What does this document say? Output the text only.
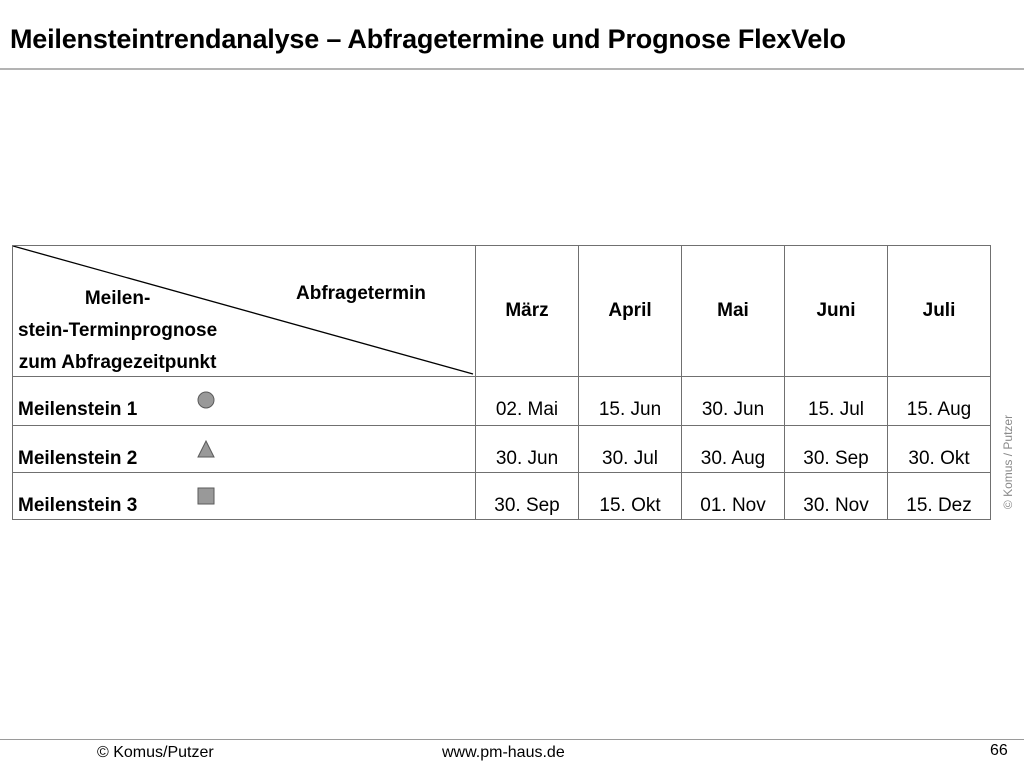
Meilensteintrendanalyse – Abfragetermine und Prognose FlexVelo
Abfragetermin
Meilen-
stein-Terminprognose
zum Abfragezeitpunkt	März	April	Mai	Juni	Juli

Meilenstein 1	02. Mai	15. Jun	30. Jun	15. Jul	15. Aug

Meilenstein 2	30. Jun	30. Jul	30. Aug	30. Sep	30. Okt

Meilenstein 3	30. Sep	15. Okt	01. Nov	30. Nov	15. Dez © Komus / Putzer
© Komus/Putzer	www.pm-haus.de	66
